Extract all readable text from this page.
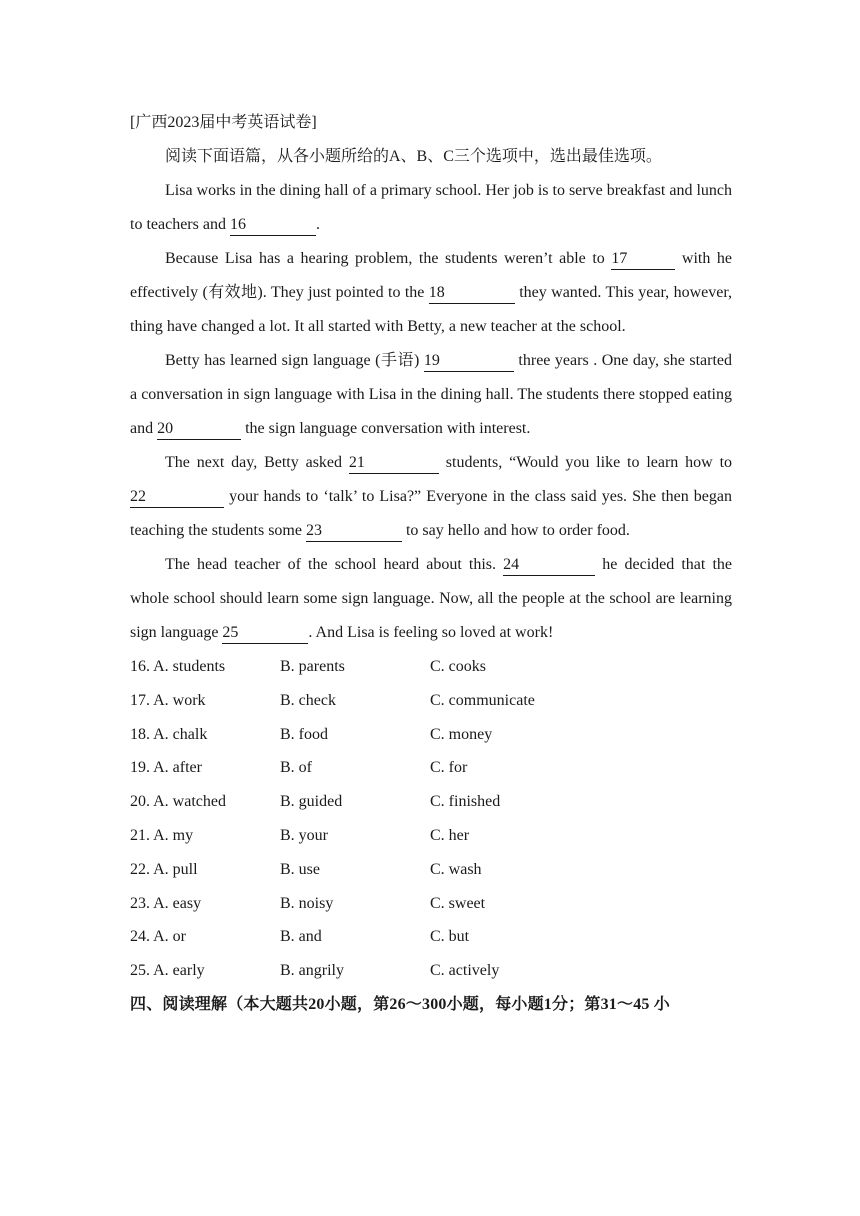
[广西2023届中考英语试卷]
阅读下面语篇，从各小题所给的A、B、C三个选项中，选出最佳选项。
Lisa works in the dining hall of a primary school. Her job is to serve breakfast and lunch to teachers and 16	.
Because Lisa has a hearing problem, the students weren’t able to 17	with he effectively (有效地). They just pointed to the 18	they wanted. This year, however, thing have changed a lot. It all started with Betty, a new teacher at the school.
Betty has learned sign language (手语) 19	three years . One day, she started a conversation in sign language with Lisa in the dining hall. The students there stopped eating and 20	the sign language conversation with interest.
The next day, Betty asked 21	students, “Would you like to learn how to 22	your hands to ‘talk’ to Lisa?” Everyone in the class said yes. She then began teaching the students some 23	to say hello and how to order food.
The head teacher of the school heard about this. 24	he decided that the whole school should learn some sign language. Now, all the people at the school are learning sign language 25	. And Lisa is feeling so loved at work!
16. A. students	B. parents	C. cooks
17. A. work	B. check	C. communicate
18. A. chalk	B. food	C. money
19. A. after	B. of	C. for
20. A. watched	B. guided	C. finished
21. A. my	B. your	C. her
22. A. pull	B. use	C. wash
23. A. easy	B. noisy	C. sweet
24. A. or	B. and	C. but
25. A. early	B. angrily	C. actively
四、阅读理解（本大题共20小题，第26～300小题，每小题1分；第31～45 小
